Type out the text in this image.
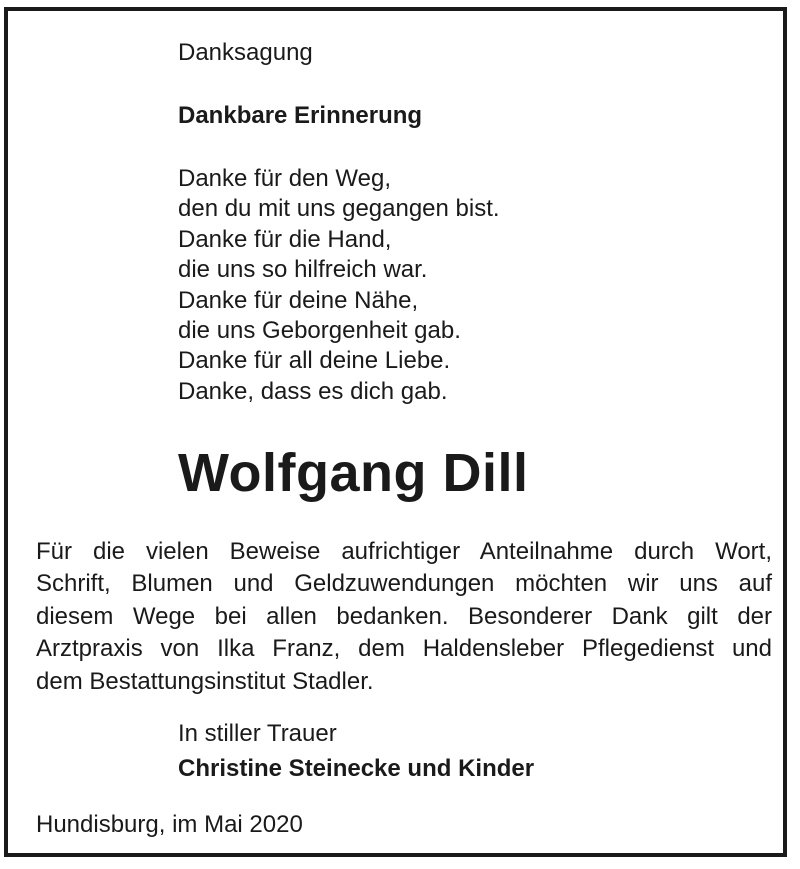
Danksagung

Dankbare Erinnerung

Danke für den Weg,
den du mit uns gegangen bist.
Danke für die Hand,
die uns so hilfreich war.
Danke für deine Nähe,
die uns Geborgenheit gab.
Danke für all deine Liebe.
Danke, dass es dich gab.
Wolfgang Dill
Für die vielen Beweise aufrichtiger Anteilnahme durch Wort,
Schrift, Blumen und Geldzuwendungen möchten wir uns auf
diesem Wege bei allen bedanken. Besonderer Dank gilt der
Arztpraxis von Ilka Franz, dem Haldensleber Pflegedienst und
dem Bestattungsinstitut Stadler.

In stiller Trauer

Christine Steinecke und Kinder

Hundisburg, im Mai 2020
